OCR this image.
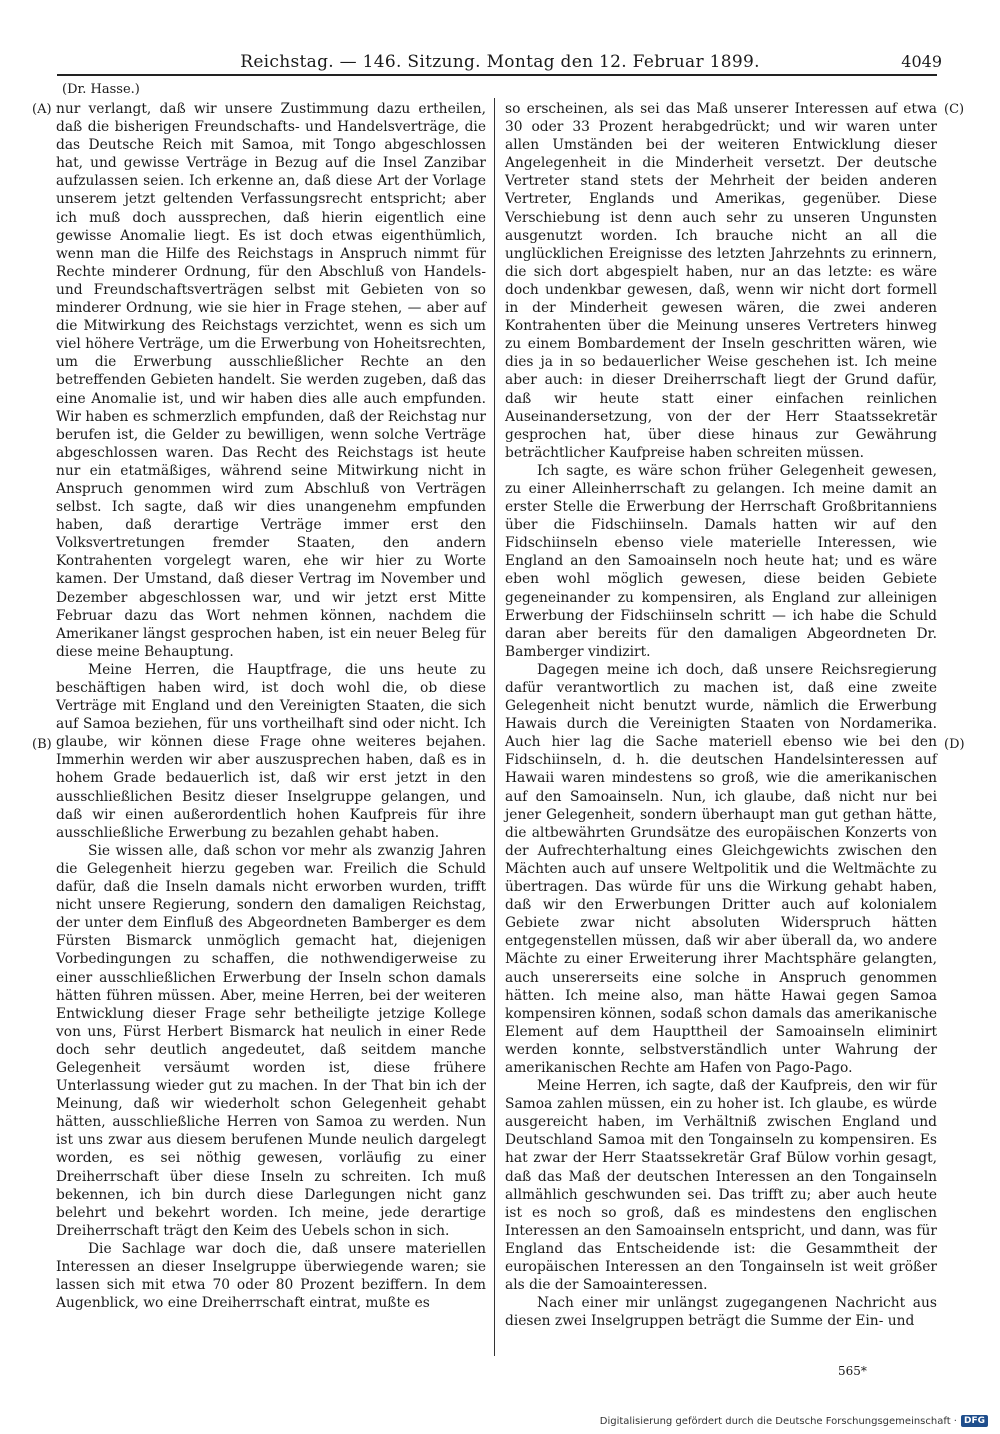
Reichstag. — 146. Sitzung. Montag den 12. Februar 1899.	4049
(Dr. Hasse.)
(A)
(B)
(C)
(D)

nur verlangt, daß wir unsere Zustimmung dazu ertheilen, daß die bisherigen Freundschafts- und Handelsverträge, die das Deutsche Reich mit Samoa, mit Tongo abgeschlossen hat, und gewisse Verträge in Bezug auf die Insel Zanzibar aufzulassen seien. Ich erkenne an, daß diese Art der Vorlage unserem jetzt geltenden Verfassungsrecht entspricht; aber ich muß doch aussprechen, daß hierin eigentlich eine gewisse Anomalie liegt. Es ist doch etwas eigenthümlich, wenn man die Hilfe des Reichstags in Anspruch nimmt für Rechte minderer Ordnung, für den Abschluß von Handels- und Freundschaftsverträgen selbst mit Gebieten von so minderer Ordnung, wie sie hier in Frage stehen, — aber auf die Mitwirkung des Reichstags verzichtet, wenn es sich um viel höhere Verträge, um die Erwerbung von Hoheitsrechten, um die Erwerbung ausschließlicher Rechte an den betreffenden Gebieten handelt. Sie werden zugeben, daß das eine Anomalie ist, und wir haben dies alle auch empfunden. Wir haben es schmerzlich empfunden, daß der Reichstag nur berufen ist, die Gelder zu bewilligen, wenn solche Verträge abgeschlossen waren. Das Recht des Reichstags ist heute nur ein etatmäßiges, während seine Mitwirkung nicht in Anspruch genommen wird zum Abschluß von Verträgen selbst. Ich sagte, daß wir dies unangenehm empfunden haben, daß derartige Verträge immer erst den Volksvertretungen fremder Staaten, den andern Kontrahenten vorgelegt waren, ehe wir hier zu Worte kamen. Der Umstand, daß dieser Vertrag im November und Dezember abgeschlossen war, und wir jetzt erst Mitte Februar dazu das Wort nehmen können, nachdem die Amerikaner längst gesprochen haben, ist ein neuer Beleg für diese meine Behauptung.

Meine Herren, die Hauptfrage, die uns heute zu beschäftigen haben wird, ist doch wohl die, ob diese Verträge mit England und den Vereinigten Staaten, die sich auf Samoa beziehen, für uns vortheilhaft sind oder nicht. Ich glaube, wir können diese Frage ohne weiteres bejahen. Immerhin werden wir aber auszusprechen haben, daß es in hohem Grade bedauerlich ist, daß wir erst jetzt in den ausschließlichen Besitz dieser Inselgruppe gelangen, und daß wir einen außerordentlich hohen Kaufpreis für ihre ausschließliche Erwerbung zu bezahlen gehabt haben.

Sie wissen alle, daß schon vor mehr als zwanzig Jahren die Gelegenheit hierzu gegeben war. Freilich die Schuld dafür, daß die Inseln damals nicht erworben wurden, trifft nicht unsere Regierung, sondern den damaligen Reichstag, der unter dem Einfluß des Abgeordneten Bamberger es dem Fürsten Bismarck unmöglich gemacht hat, diejenigen Vorbedingungen zu schaffen, die nothwendigerweise zu einer ausschließlichen Erwerbung der Inseln schon damals hätten führen müssen. Aber, meine Herren, bei der weiteren Entwicklung dieser Frage sehr betheiligte jetzige Kollege von uns, Fürst Herbert Bismarck hat neulich in einer Rede doch sehr deutlich angedeutet, daß seitdem manche Gelegenheit versäumt worden ist, diese frühere Unterlassung wieder gut zu machen. In der That bin ich der Meinung, daß wir wiederholt schon Gelegenheit gehabt hätten, ausschließliche Herren von Samoa zu werden. Nun ist uns zwar aus diesem berufenen Munde neulich dargelegt worden, es sei nöthig gewesen, vorläufig zu einer Dreiherrschaft über diese Inseln zu schreiten. Ich muß bekennen, ich bin durch diese Darlegungen nicht ganz belehrt und bekehrt worden. Ich meine, jede derartige Dreiherrschaft trägt den Keim des Uebels schon in sich.

Die Sachlage war doch die, daß unsere materiellen Interessen an dieser Inselgruppe überwiegende waren; sie lassen sich mit etwa 70 oder 80 Prozent beziffern. In dem Augenblick, wo eine Dreiherrschaft eintrat, mußte es

so erscheinen, als sei das Maß unserer Interessen auf etwa 30 oder 33 Prozent herabgedrückt; und wir waren unter allen Umständen bei der weiteren Entwicklung dieser Angelegenheit in die Minderheit versetzt. Der deutsche Vertreter stand stets der Mehrheit der beiden anderen Vertreter, Englands und Amerikas, gegenüber. Diese Verschiebung ist denn auch sehr zu unseren Ungunsten ausgenutzt worden. Ich brauche nicht an all die unglücklichen Ereignisse des letzten Jahrzehnts zu erinnern, die sich dort abgespielt haben, nur an das letzte: es wäre doch undenkbar gewesen, daß, wenn wir nicht dort formell in der Minderheit gewesen wären, die zwei anderen Kontrahenten über die Meinung unseres Vertreters hinweg zu einem Bombardement der Inseln geschritten wären, wie dies ja in so bedauerlicher Weise geschehen ist. Ich meine aber auch: in dieser Dreiherrschaft liegt der Grund dafür, daß wir heute statt einer einfachen reinlichen Auseinandersetzung, von der der Herr Staatssekretär gesprochen hat, über diese hinaus zur Gewährung beträchtlicher Kaufpreise haben schreiten müssen.

Ich sagte, es wäre schon früher Gelegenheit gewesen, zu einer Alleinherrschaft zu gelangen. Ich meine damit an erster Stelle die Erwerbung der Herrschaft Großbritanniens über die Fidschiinseln. Damals hatten wir auf den Fidschiinseln ebenso viele materielle Interessen, wie England an den Samoainseln noch heute hat; und es wäre eben wohl möglich gewesen, diese beiden Gebiete gegeneinander zu kompensiren, als England zur alleinigen Erwerbung der Fidschiinseln schritt — ich habe die Schuld daran aber bereits für den damaligen Abgeordneten Dr. Bamberger vindizirt.

Dagegen meine ich doch, daß unsere Reichsregierung dafür verantwortlich zu machen ist, daß eine zweite Gelegenheit nicht benutzt wurde, nämlich die Erwerbung Hawais durch die Vereinigten Staaten von Nordamerika. Auch hier lag die Sache materiell ebenso wie bei den Fidschiinseln, d. h. die deutschen Handelsinteressen auf Hawaii waren mindestens so groß, wie die amerikanischen auf den Samoainseln. Nun, ich glaube, daß nicht nur bei jener Gelegenheit, sondern überhaupt man gut gethan hätte, die altbewährten Grundsätze des europäischen Konzerts von der Aufrechterhaltung eines Gleichgewichts zwischen den Mächten auch auf unsere Weltpolitik und die Weltmächte zu übertragen. Das würde für uns die Wirkung gehabt haben, daß wir den Erwerbungen Dritter auch auf kolonialem Gebiete zwar nicht absoluten Widerspruch hätten entgegenstellen müssen, daß wir aber überall da, wo andere Mächte zu einer Erweiterung ihrer Machtsphäre gelangten, auch unsererseits eine solche in Anspruch genommen hätten. Ich meine also, man hätte Hawai gegen Samoa kompensiren können, sodaß schon damals das amerikanische Element auf dem Haupttheil der Samoainseln eliminirt werden konnte, selbstverständlich unter Wahrung der amerikanischen Rechte am Hafen von Pago-Pago.

Meine Herren, ich sagte, daß der Kaufpreis, den wir für Samoa zahlen müssen, ein zu hoher ist. Ich glaube, es würde ausgereicht haben, im Verhältniß zwischen England und Deutschland Samoa mit den Tongainseln zu kompensiren. Es hat zwar der Herr Staatssekretär Graf Bülow vorhin gesagt, daß das Maß der deutschen Interessen an den Tongainseln allmählich geschwunden sei. Das trifft zu; aber auch heute ist es noch so groß, daß es mindestens den englischen Interessen an den Samoainseln entspricht, und dann, was für England das Entscheidende ist: die Gesammtheit der europäischen Interessen an den Tongainseln ist weit größer als die der Samoainteressen.

Nach einer mir unlängst zugegangenen Nachricht aus diesen zwei Inselgruppen beträgt die Summe der Ein- und

565*
Digitalisierung gefördert durch die Deutsche Forschungsgemeinschaft · DFG
